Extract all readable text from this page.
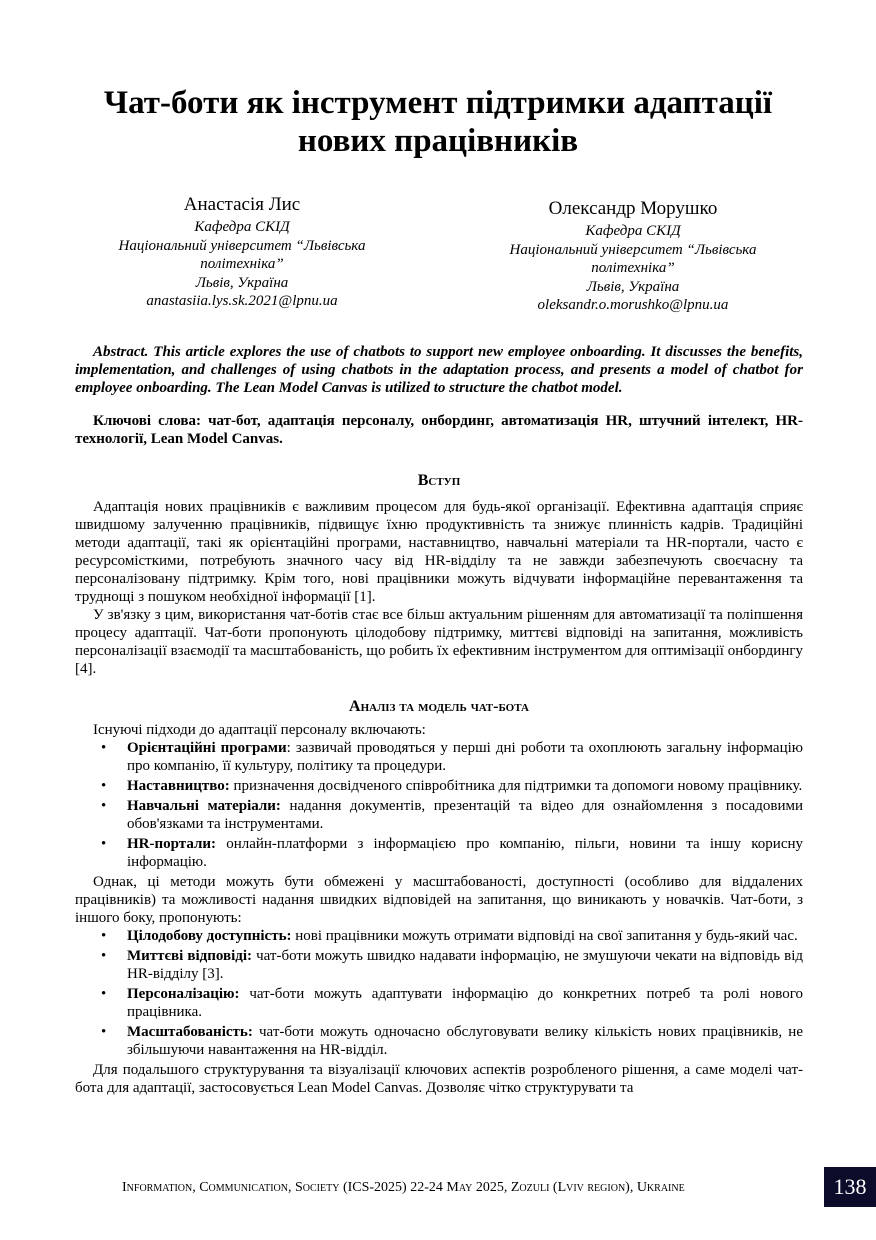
Чат-боти як інструмент підтримки адаптації нових працівників
Анастасія Лис
Кафедра СКІД
Національний університет “Львівська
політехніка”
Львів, Україна
anastasiia.lys.sk.2021@lpnu.ua
Олександр Морушко
Кафедра СКІД
Національний університет “Львівська
політехніка”
Львів, Україна
oleksandr.o.morushko@lpnu.ua

Abstract. This article explores the use of chatbots to support new employee onboarding. It discusses the benefits, implementation, and challenges of using chatbots in the adaptation process, and presents a model of chatbot for employee onboarding. The Lean Model Canvas is utilized to structure the chatbot model.

Ключові слова: чат-бот, адаптація персоналу, онбординг, автоматизація HR, штучний інтелект, HR-технології, Lean Model Canvas.

Вступ

Адаптація нових працівників є важливим процесом для будь-якої організації. Ефективна адаптація сприяє швидшому залученню працівників, підвищує їхню продуктивність та знижує плинність кадрів. Традиційні методи адаптації, такі як орієнтаційні програми, наставництво, навчальні матеріали та HR-портали, часто є ресурсомісткими, потребують значного часу від HR-відділу та не завжди забезпечують своєчасну та персоналізовану підтримку. Крім того, нові працівники можуть відчувати інформаційне перевантаження та труднощі з пошуком необхідної інформації [1].

У зв'язку з цим, використання чат-ботів стає все більш актуальним рішенням для автоматизації та поліпшення процесу адаптації. Чат-боти пропонують цілодобову підтримку, миттєві відповіді на запитання, можливість персоналізації взаємодії та масштабованість, що робить їх ефективним інструментом для оптимізації онбордингу [4].

Аналіз та модель чат-бота

Існуючі підходи до адаптації персоналу включають:

• Орієнтаційні програми: зазвичай проводяться у перші дні роботи та охоплюють загальну інформацію про компанію, її культуру, політику та процедури.
• Наставництво: призначення досвідченого співробітника для підтримки та допомоги новому працівнику.
• Навчальні матеріали: надання документів, презентацій та відео для ознайомлення з посадовими обов'язками та інструментами.
• HR-портали: онлайн-платформи з інформацією про компанію, пільги, новини та іншу корисну інформацію.

Однак, ці методи можуть бути обмежені у масштабованості, доступності (особливо для віддалених працівників) та можливості надання швидких відповідей на запитання, що виникають у новачків. Чат-боти, з іншого боку, пропонують:

• Цілодобову доступність: нові працівники можуть отримати відповіді на свої запитання у будь-який час.
• Миттєві відповіді: чат-боти можуть швидко надавати інформацію, не змушуючи чекати на відповідь від HR-відділу [3].
• Персоналізацію: чат-боти можуть адаптувати інформацію до конкретних потреб та ролі нового працівника.
• Масштабованість: чат-боти можуть одночасно обслуговувати велику кількість нових працівників, не збільшуючи навантаження на HR-відділ.

Для подальшого структурування та візуалізації ключових аспектів розробленого рішення, а саме моделі чат-бота для адаптації, застосовується Lean Model Canvas. Дозволяє чітко структурувати та

Information, Communication, Society (ICS-2025) 22-24 May 2025, Zozuli (Lviv region), Ukraine	138
